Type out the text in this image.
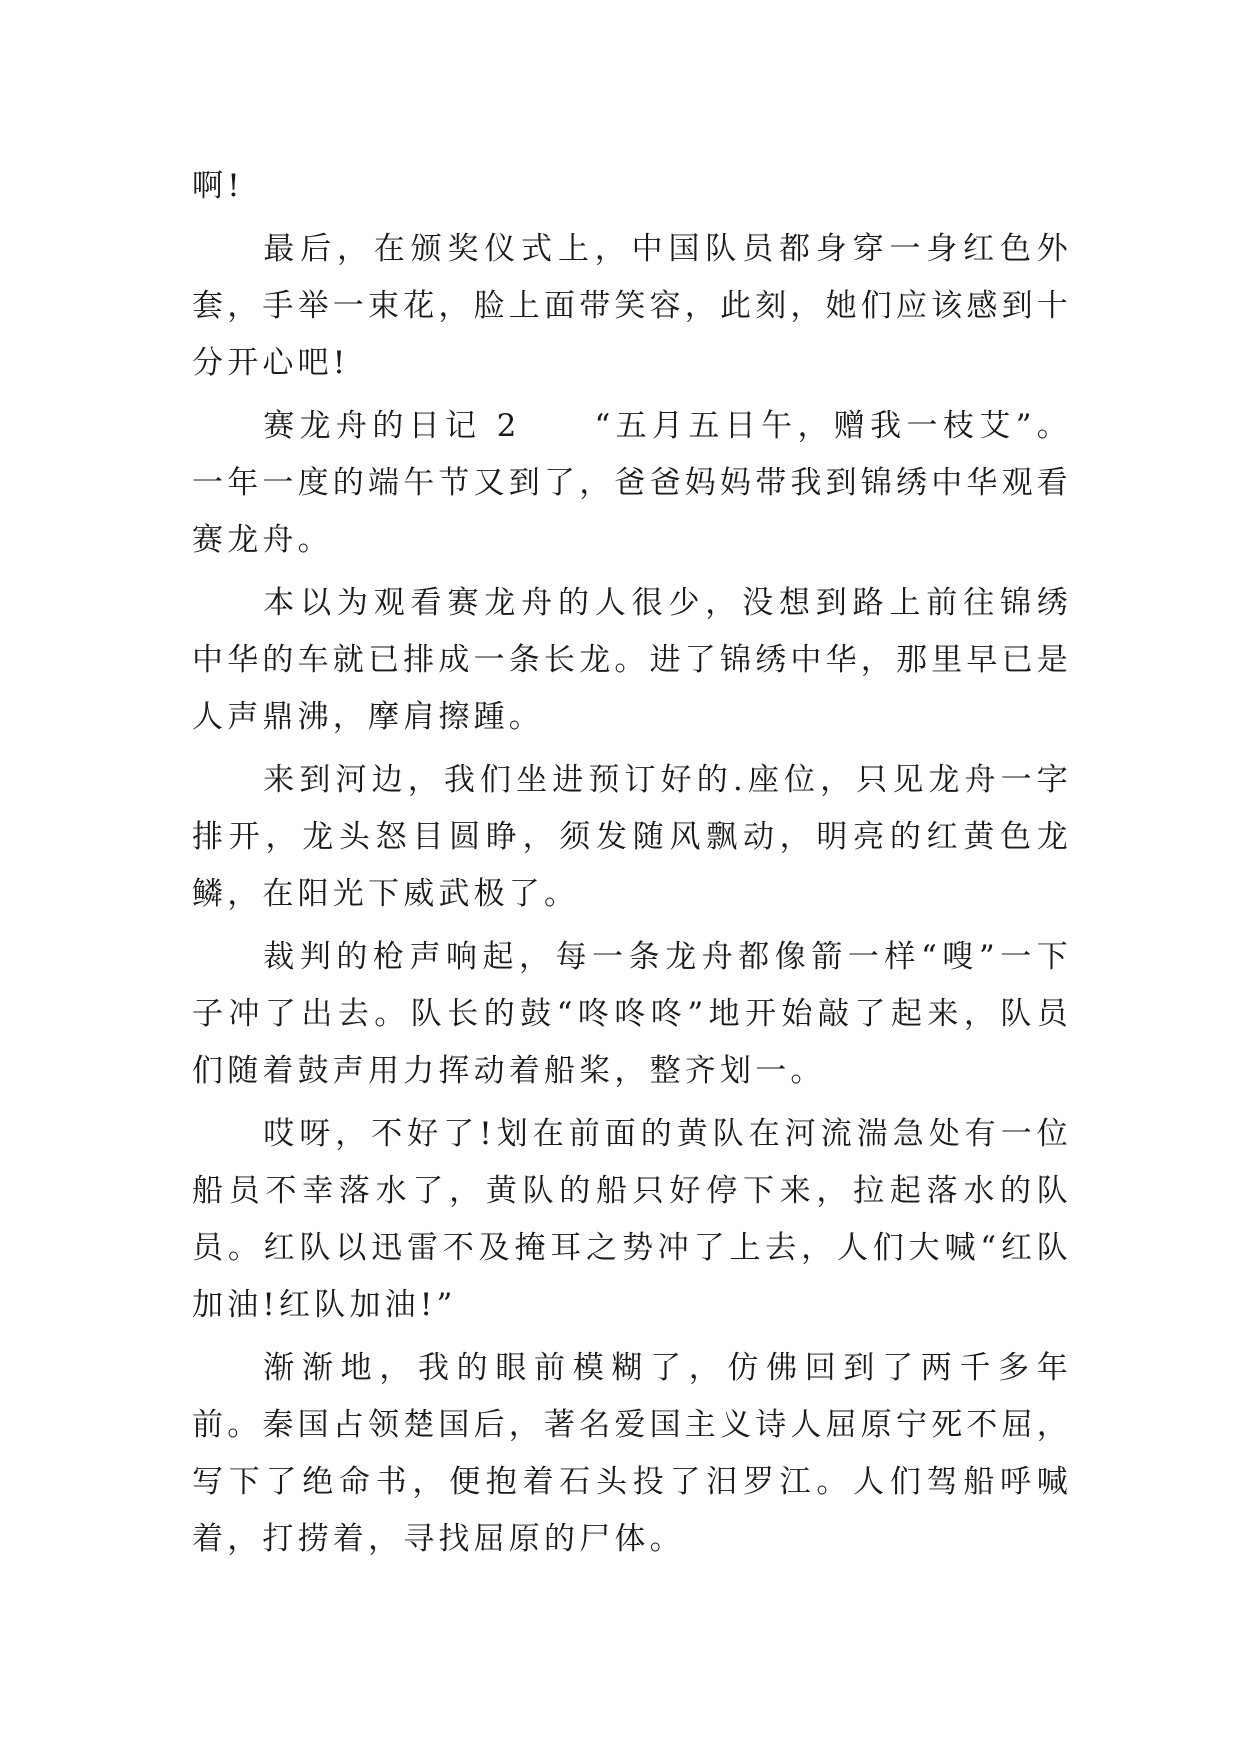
啊!

最后，在颁奖仪式上，中国队员都身穿一身红色外套，手举一束花，脸上面带笑容，此刻，她们应该感到十分开心吧!

赛龙舟的日记 2　　“五月五日午，赠我一枝艾”。一年一度的端午节又到了，爸爸妈妈带我到锦绣中华观看赛龙舟。

本以为观看赛龙舟的人很少，没想到路上前往锦绣中华的车就已排成一条长龙。进了锦绣中华，那里早已是人声鼎沸，摩肩擦踵。

来到河边，我们坐进预订好的.座位，只见龙舟一字排开，龙头怒目圆睁，须发随风飘动，明亮的红黄色龙鳞，在阳光下威武极了。

裁判的枪声响起，每一条龙舟都像箭一样“嗖”一下子冲了出去。队长的鼓“咚咚咚”地开始敲了起来，队员们随着鼓声用力挥动着船桨，整齐划一。

哎呀，不好了!划在前面的黄队在河流湍急处有一位船员不幸落水了，黄队的船只好停下来，拉起落水的队员。红队以迅雷不及掩耳之势冲了上去，人们大喊“红队加油!红队加油!”

渐渐地，我的眼前模糊了，仿佛回到了两千多年前。秦国占领楚国后，著名爱国主义诗人屈原宁死不屈，写下了绝命书，便抱着石头投了汨罗江。人们驾船呼喊着，打捞着，寻找屈原的尸体。
